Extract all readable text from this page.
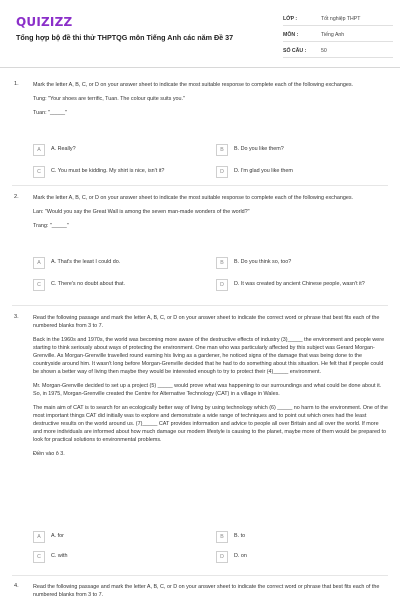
QUIZIZZ
Tổng hợp bộ đề thi thử THPTQG môn Tiếng Anh các năm Đề 37
LỚP :	Tốt nghiệp THPT
MÔN :	Tiếng Anh
SỐ CÂU :	50
1.	Mark the letter A, B, C, or D on your answer sheet to indicate the most suitable response to complete each of the following exchanges.

Tung: "Your shoes are terrific, Tuan. The colour quite suits you."

Tuan: "_____"

A	A. Really?	B	B. Do you like them?
C	C. You must be kidding. My shirt is nice, isn't it?	D	D. I'm glad you like them
2.	Mark the letter A, B, C, or D on your answer sheet to indicate the most suitable response to complete each of the following exchanges.

Lan: "Would you say the Great Wall is among the seven man-made wonders of the world?"

Trang: "_____"

A	A. That's the least I could do.	B	B. Do you think so, too?
C	C. There's no doubt about that.	D	D. It was created by ancient Chinese people, wasn't it?
3.	Read the following passage and mark the letter A, B, C, or D on your answer sheet to indicate the correct word or phrase that best fits each of the numbered blanks from 3 to 7.

Back in the 1960s and 1970s, the world was becoming more aware of the destructive effects of industry (3)_____ the environment and people were starting to think seriously about ways of protecting the environment. One man who was particularly affected by this subject was Gerard Morgan-Grenville. As Morgan-Grenville travelled round earning his living as a gardener, he noticed signs of the damage that was being done to the countryside around him. It wasn't long before Morgan-Grenville decided that he had to do something about this situation. He felt that if people could be shown a better way of living then maybe they would be interested enough to try to protect their (4)_____ environment.

Mr. Morgan-Grenville decided to set up a project (5) _____ would prove what was happening to our surroundings and what could be done about it. So, in 1975, Morgan-Grenville created the Centre for Alternative Technology (CAT) in a village in Wales.

The main aim of CAT is to search for an ecologically better way of living by using technology which (6) _____ no harm to the environment. One of the most important things CAT did initially was to explore and demonstrate a wide range of techniques and to point out which ones had the least destructive results on the world around us. (7)_____ CAT provides information and advice to people all over Britain and all over the world. If more and more individuals are informed about how much damage our modern lifestyle is causing to the planet, maybe more of them would be prepared to look for practical solutions to environmental problems.

Điền vào ô 3.

A	A. for	B	B. to
C	C. with	D	D. on
4.	Read the following passage and mark the letter A, B, C, or D on your answer sheet to indicate the correct word or phrase that best fits each of the numbered blanks from 3 to 7.
